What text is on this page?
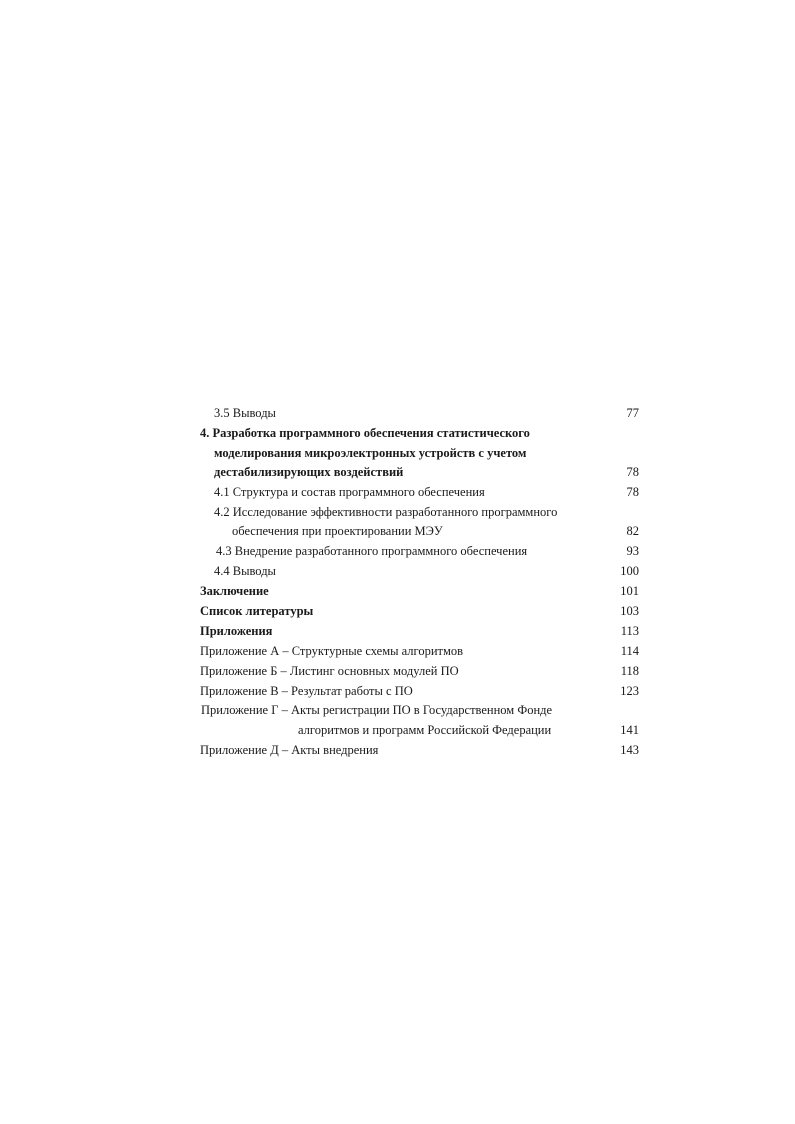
3.5 Выводы	77
4. Разработка программного обеспечения статистического
моделирования микроэлектронных устройств с учетом
дестабилизирующих воздействий	78
4.1 Структура и состав программного обеспечения	78
4.2 Исследование эффективности разработанного программного
обеспечения при проектировании МЭУ	82
4.3 Внедрение разработанного программного обеспечения	93
4.4 Выводы	100
Заключение	101
Список литературы	103
Приложения	113
Приложение А – Структурные схемы алгоритмов	114
Приложение Б – Листинг основных модулей ПО	118
Приложение В – Результат работы с ПО	123
Приложение Г – Акты регистрации ПО в Государственном Фонде
алгоритмов и программ Российской Федерации	141
Приложение Д – Акты внедрения	143
